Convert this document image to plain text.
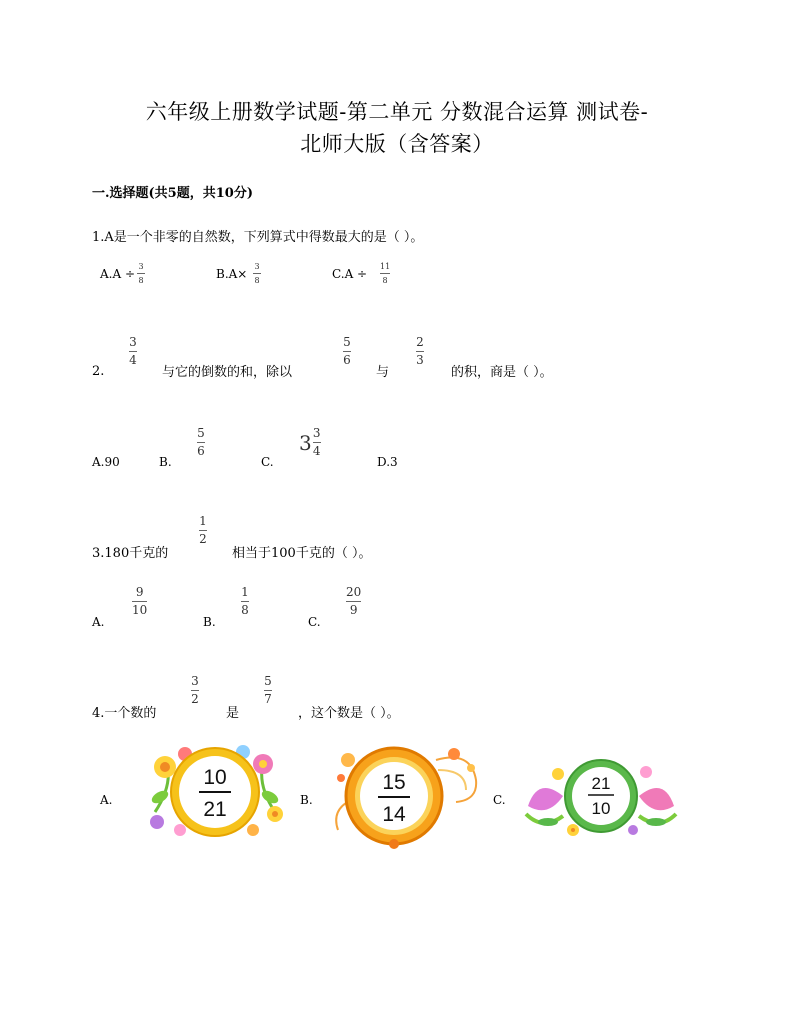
六年级上册数学试题-第二单元 分数混合运算 测试卷-
北师大版（含答案）
一.选择题(共5题，共10分)
1.A是一个非零的自然数，下列算式中得数最大的是（ ）。
A.A ÷
3
8	B.A×
3
8	C.A ÷
11
8
2.
3
4
与它的倒数的和，除以
5
6
与
2
3
的积，商是（ ）。
A.90	B.
5
6
C.
$3 \frac{3}{4}$
D.3
3.180千克的
1
2
相当于100千克的（ ）。
A.
9
10
B.
1
8
C.
20
9
4.一个数的
3
2
是
5
7
，这个数是（ ）。
A.
10
21	B.
15
14
C.
21
10
